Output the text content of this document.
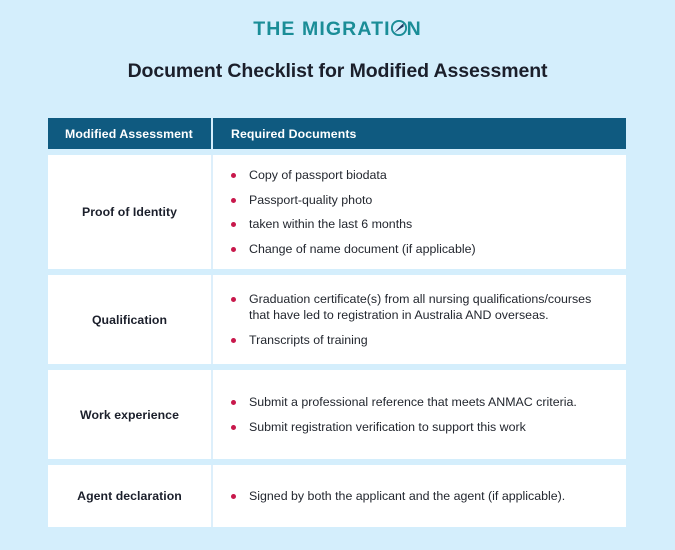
THE MIGRATI N
Document Checklist for Modified Assessment
Modified Assessment	Required Documents
Proof of Identity
Copy of passport biodata
Passport-quality photo
taken within the last 6 months
Change of name document (if applicable)
Qualification
Graduation certificate(s) from all nursing qualifications/courses that have led to registration in Australia AND overseas.
Transcripts of training
Work experience
Submit a professional reference that meets ANMAC criteria.
Submit registration verification to support this work
Agent declaration	Signed by both the applicant and the agent (if applicable).
